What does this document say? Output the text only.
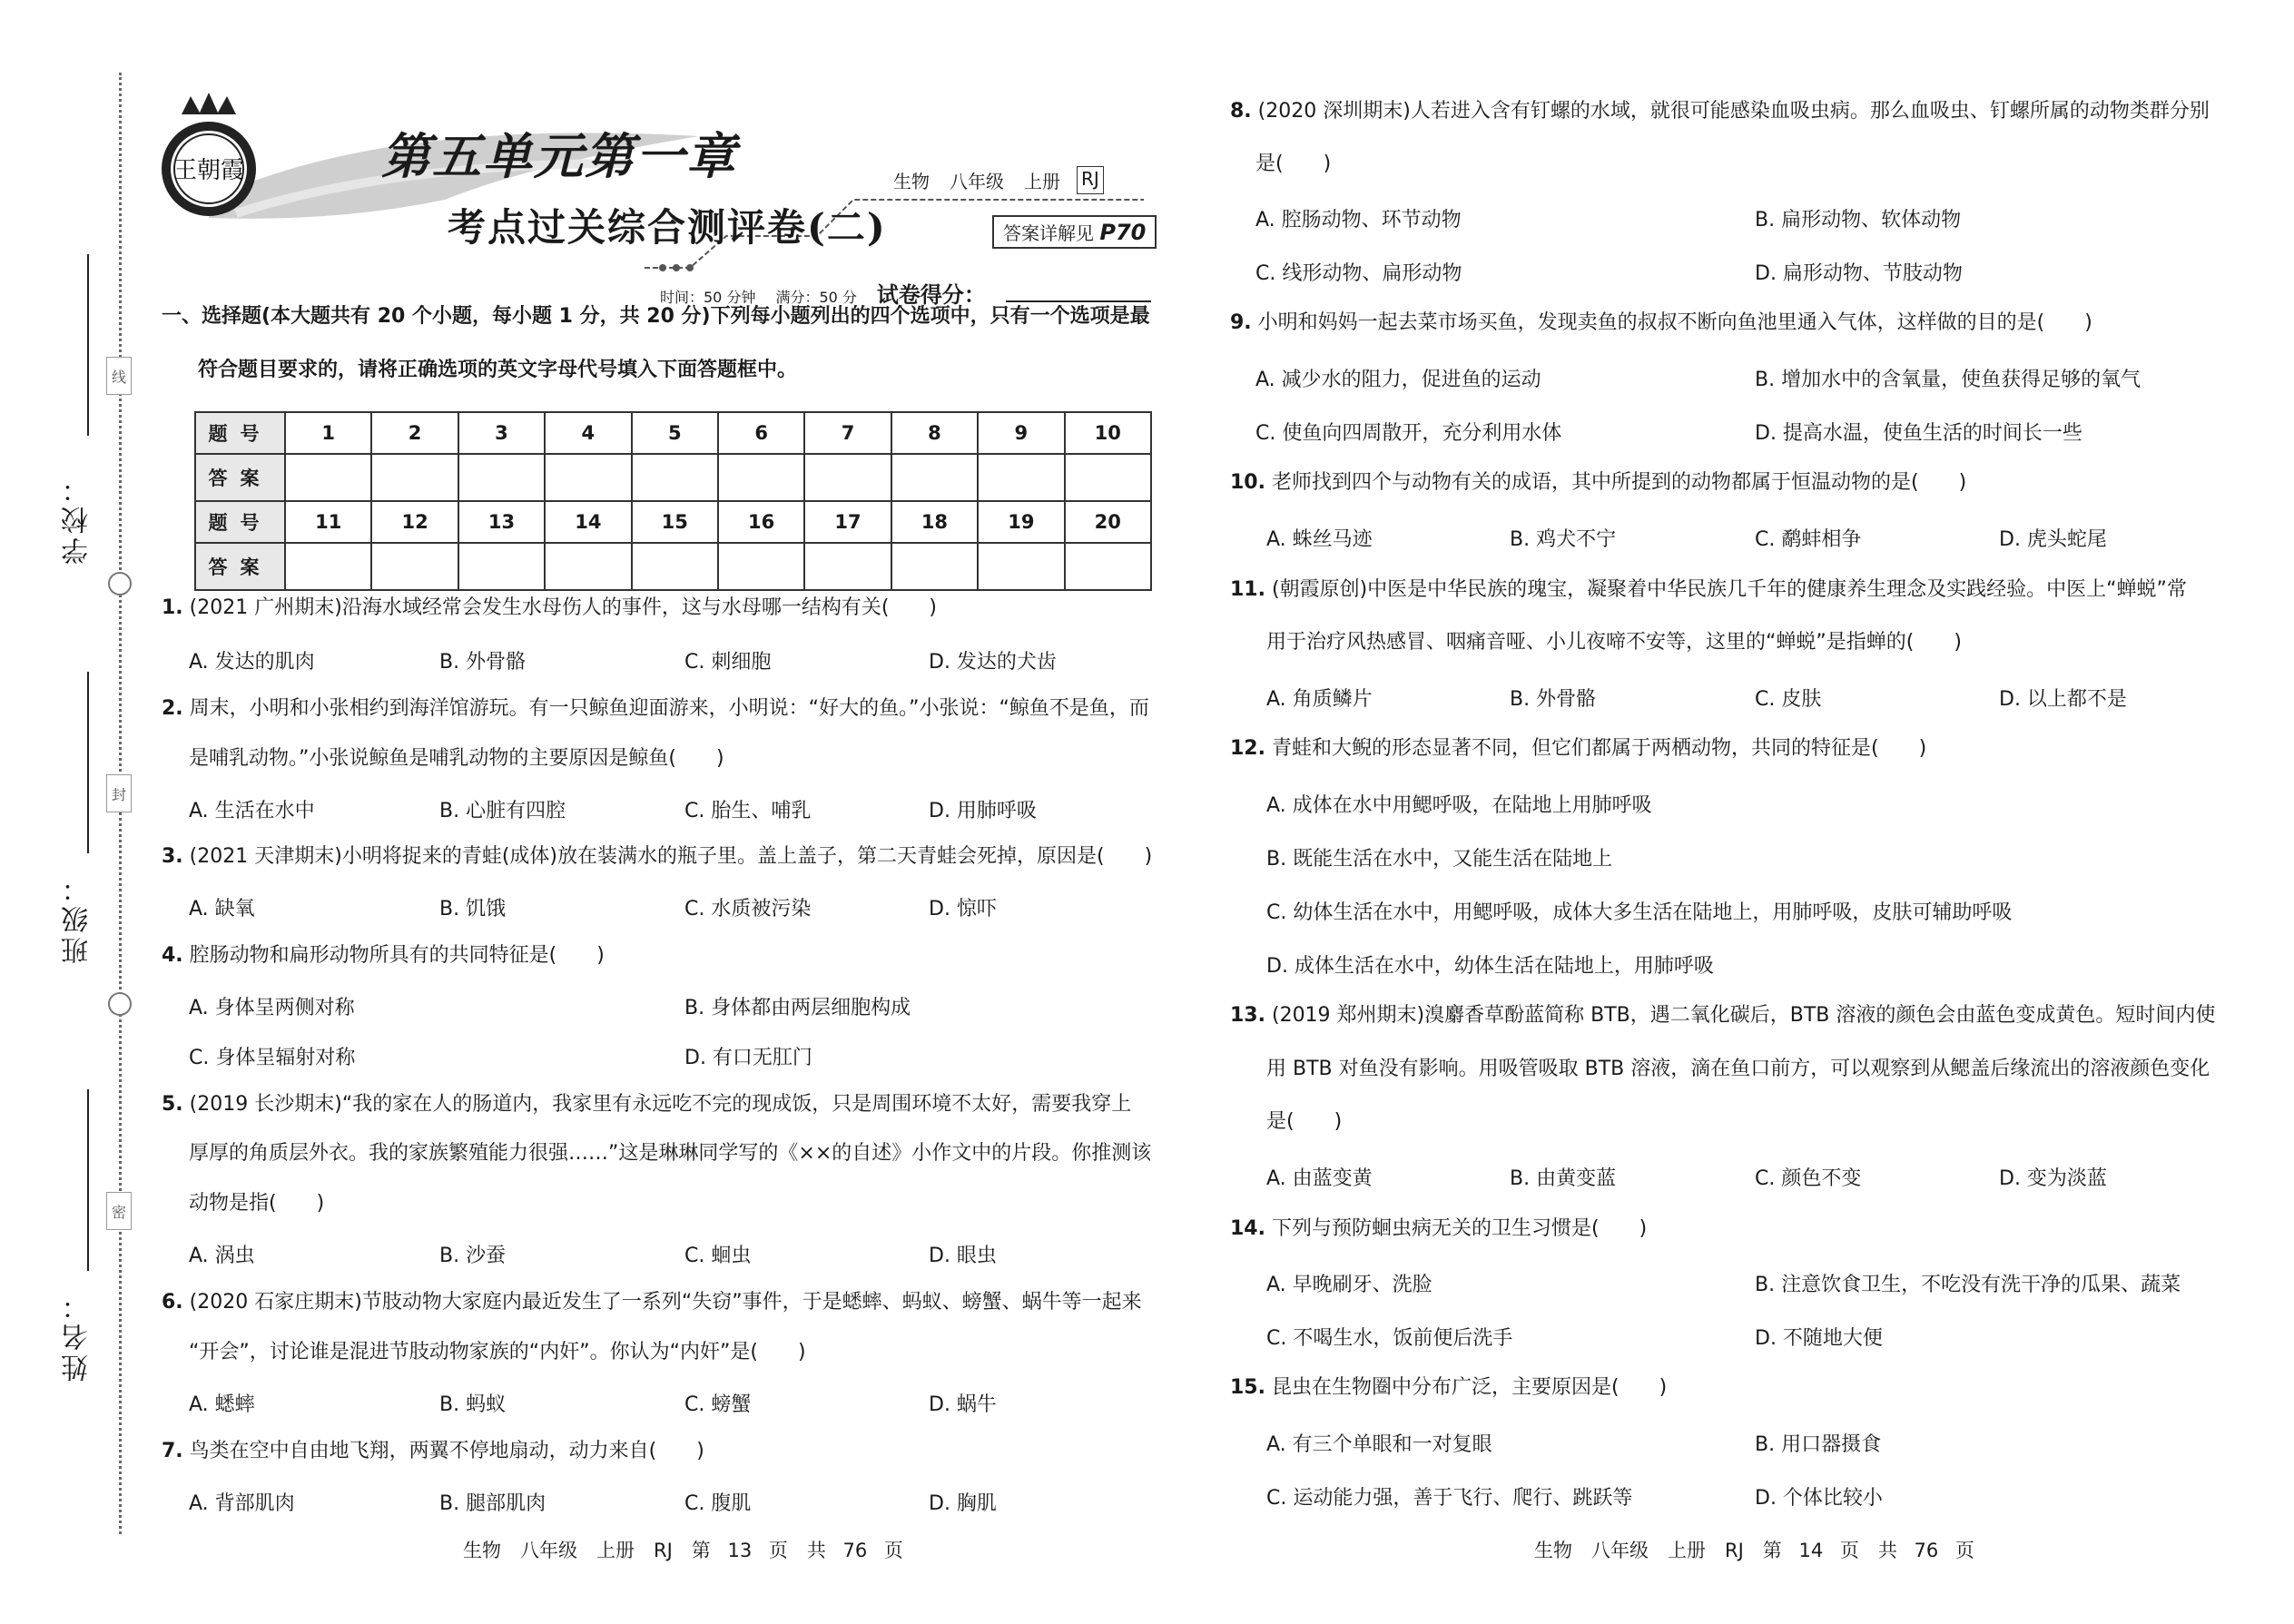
学校：
班级：
姓名：
线
封
密
王朝霞	第五单元第一章	生物 八年级 上册 RJ
考点过关综合测评卷(二)	答案详解见 P70
时间：50 分钟 满分：50 分 试卷得分：
一、选择题(本大题共有 20 个小题，每小题 1 分，共 20 分)下列每小题列出的四个选项中，只有一个选项是最
符合题目要求的，请将正确选项的英文字母代号填入下面答题框中。
题号	1	2	3	4	5	6	7	8	9	10
答案										
题号	11	12	13	14	15	16	17	18	19	20
答案										
1. (2021 广州期末)沿海水域经常会发生水母伤人的事件，这与水母哪一结构有关(　　)
A. 发达的肌肉	B. 外骨骼	C. 刺细胞	D. 发达的犬齿
2. 周末，小明和小张相约到海洋馆游玩。有一只鲸鱼迎面游来，小明说：“好大的鱼。”小张说：“鲸鱼不是鱼，而
是哺乳动物。”小张说鲸鱼是哺乳动物的主要原因是鲸鱼(　　)
A. 生活在水中	B. 心脏有四腔	C. 胎生、哺乳	D. 用肺呼吸
3. (2021 天津期末)小明将捉来的青蛙(成体)放在装满水的瓶子里。盖上盖子，第二天青蛙会死掉，原因是(　　)
A. 缺氧	B. 饥饿	C. 水质被污染	D. 惊吓
4. 腔肠动物和扁形动物所具有的共同特征是(　　)
A. 身体呈两侧对称	B. 身体都由两层细胞构成
C. 身体呈辐射对称	D. 有口无肛门
5. (2019 长沙期末)“我的家在人的肠道内，我家里有永远吃不完的现成饭，只是周围环境不太好，需要我穿上
厚厚的角质层外衣。我的家族繁殖能力很强……”这是琳琳同学写的《××的自述》小作文中的片段。你推测该
动物是指(　　)
A. 涡虫	B. 沙蚕	C. 蛔虫	D. 眼虫
6. (2020 石家庄期末)节肢动物大家庭内最近发生了一系列“失窃”事件，于是蟋蟀、蚂蚁、螃蟹、蜗牛等一起来
“开会”，讨论谁是混进节肢动物家族的“内奸”。你认为“内奸”是(　　)
A. 蟋蟀	B. 蚂蚁	C. 螃蟹	D. 蜗牛
7. 鸟类在空中自由地飞翔，两翼不停地扇动，动力来自(　　)
A. 背部肌肉	B. 腿部肌肉	C. 腹肌	D. 胸肌
8. (2020 深圳期末)人若进入含有钉螺的水域，就很可能感染血吸虫病。那么血吸虫、钉螺所属的动物类群分别
是(　　)
A. 腔肠动物、环节动物	B. 扁形动物、软体动物
C. 线形动物、扁形动物	D. 扁形动物、节肢动物
9. 小明和妈妈一起去菜市场买鱼，发现卖鱼的叔叔不断向鱼池里通入气体，这样做的目的是(　　)
A. 减少水的阻力，促进鱼的运动	B. 增加水中的含氧量，使鱼获得足够的氧气
C. 使鱼向四周散开，充分利用水体	D. 提高水温，使鱼生活的时间长一些
10. 老师找到四个与动物有关的成语，其中所提到的动物都属于恒温动物的是(　　)
A. 蛛丝马迹	B. 鸡犬不宁	C. 鹬蚌相争	D. 虎头蛇尾
11. (朝霞原创)中医是中华民族的瑰宝，凝聚着中华民族几千年的健康养生理念及实践经验。中医上“蝉蜕”常
用于治疗风热感冒、咽痛音哑、小儿夜啼不安等，这里的“蝉蜕”是指蝉的(　　)
A. 角质鳞片	B. 外骨骼	C. 皮肤	D. 以上都不是
12. 青蛙和大鲵的形态显著不同，但它们都属于两栖动物，共同的特征是(　　)
A. 成体在水中用鳃呼吸，在陆地上用肺呼吸
B. 既能生活在水中，又能生活在陆地上
C. 幼体生活在水中，用鳃呼吸，成体大多生活在陆地上，用肺呼吸，皮肤可辅助呼吸
D. 成体生活在水中，幼体生活在陆地上，用肺呼吸
13. (2019 郑州期末)溴麝香草酚蓝简称 BTB，遇二氧化碳后，BTB 溶液的颜色会由蓝色变成黄色。短时间内使
用 BTB 对鱼没有影响。用吸管吸取 BTB 溶液，滴在鱼口前方，可以观察到从鳃盖后缘流出的溶液颜色变化
是(　　)
A. 由蓝变黄	B. 由黄变蓝	C. 颜色不变	D. 变为淡蓝
14. 下列与预防蛔虫病无关的卫生习惯是(　　)
A. 早晚刷牙、洗脸	B. 注意饮食卫生，不吃没有洗干净的瓜果、蔬菜
C. 不喝生水，饭前便后洗手	D. 不随地大便
15. 昆虫在生物圈中分布广泛，主要原因是(　　)
A. 有三个单眼和一对复眼	B. 用口器摄食
C. 运动能力强，善于飞行、爬行、跳跃等	D. 个体比较小
生物　八年级　上册　RJ　第 13 页　共 76 页	生物　八年级　上册　RJ　第 14 页　共 76 页
